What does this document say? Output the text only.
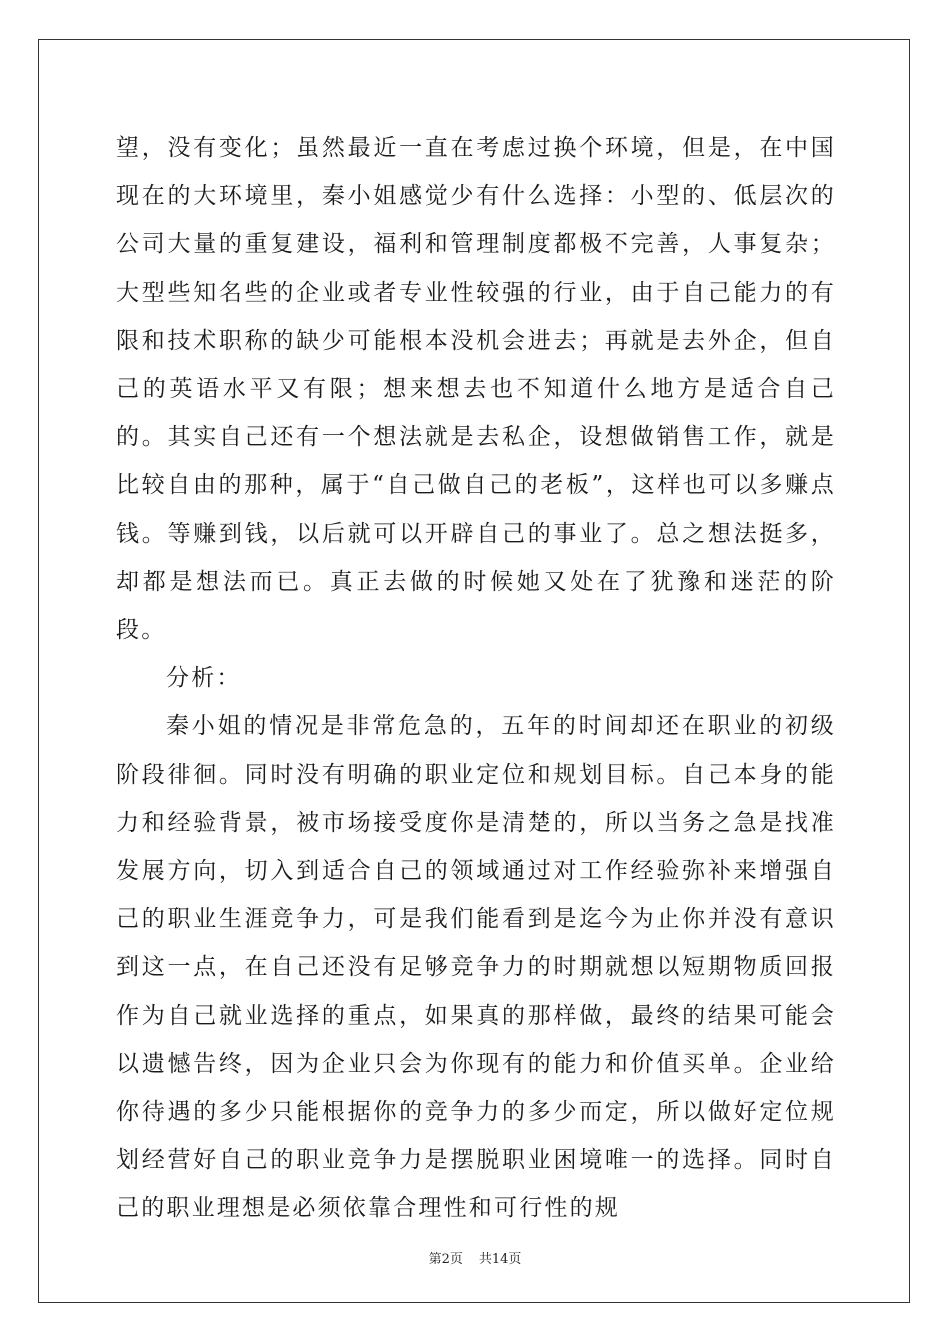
望，没有变化；虽然最近一直在考虑过换个环境，但是，在中国现在的大环境里，秦小姐感觉少有什么选择：小型的、低层次的公司大量的重复建设，福利和管理制度都极不完善，人事复杂；大型些知名些的企业或者专业性较强的行业，由于自己能力的有限和技术职称的缺少可能根本没机会进去；再就是去外企，但自己的英语水平又有限；想来想去也不知道什么地方是适合自己的。其实自己还有一个想法就是去私企，设想做销售工作，就是比较自由的那种，属于“自己做自己的老板”，这样也可以多赚点钱。等赚到钱，以后就可以开辟自己的事业了。总之想法挺多，却都是想法而已。真正去做的时候她又处在了犹豫和迷茫的阶段。

分析：

秦小姐的情况是非常危急的，五年的时间却还在职业的初级阶段徘徊。同时没有明确的职业定位和规划目标。自己本身的能力和经验背景，被市场接受度你是清楚的，所以当务之急是找准发展方向，切入到适合自己的领域通过对工作经验弥补来增强自己的职业生涯竞争力，可是我们能看到是迄今为止你并没有意识到这一点，在自己还没有足够竞争力的时期就想以短期物质回报作为自己就业选择的重点，如果真的那样做，最终的结果可能会以遗憾告终，因为企业只会为你现有的能力和价值买单。企业给你待遇的多少只能根据你的竞争力的多少而定，所以做好定位规划经营好自己的职业竞争力是摆脱职业困境唯一的选择。同时自己的职业理想是必须依靠合理性和可行性的规

第2页 共14页
